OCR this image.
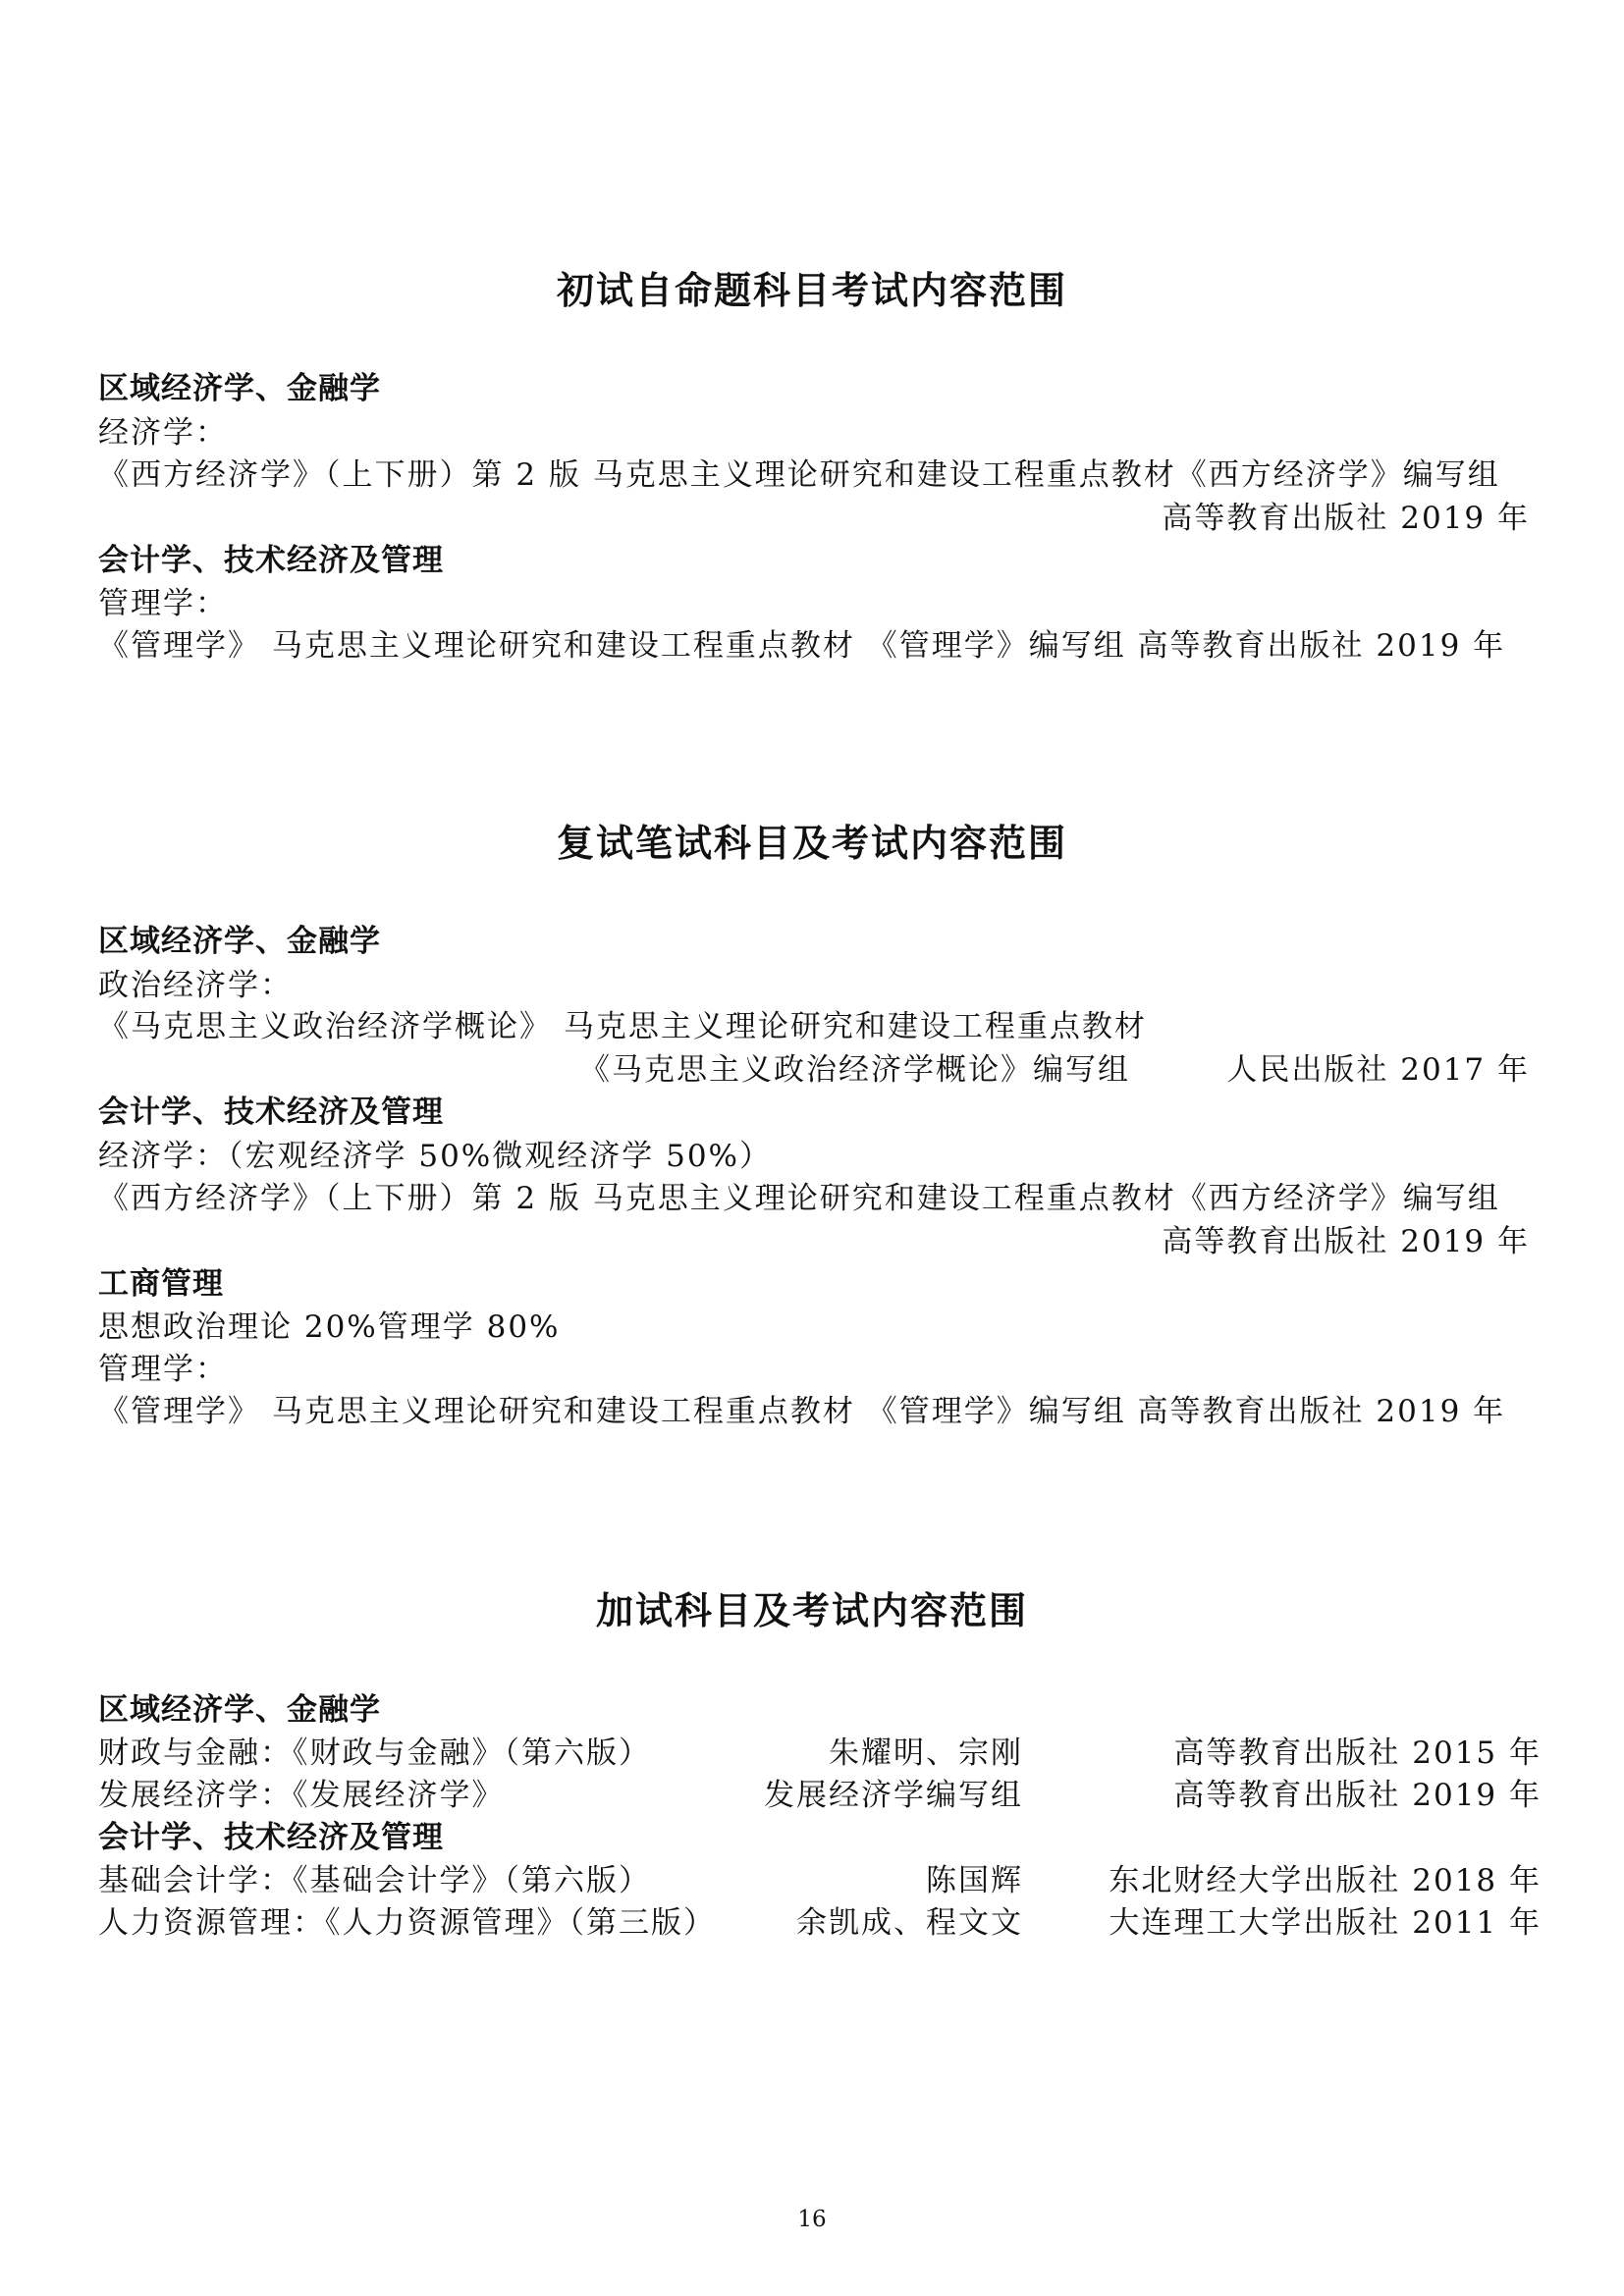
初试自命题科目考试内容范围
区域经济学、金融学
经济学：
《西方经济学》（上下册）第 2 版 马克思主义理论研究和建设工程重点教材《西方经济学》编写组
高等教育出版社 2019 年
会计学、技术经济及管理
管理学：
《管理学》 马克思主义理论研究和建设工程重点教材 《管理学》编写组 高等教育出版社 2019 年
复试笔试科目及考试内容范围
区域经济学、金融学
政治经济学：
《马克思主义政治经济学概论》 马克思主义理论研究和建设工程重点教材
《马克思主义政治经济学概论》编写组	人民出版社 2017 年
会计学、技术经济及管理
经济学：（宏观经济学 50%微观经济学 50%）
《西方经济学》（上下册）第 2 版 马克思主义理论研究和建设工程重点教材《西方经济学》编写组
高等教育出版社 2019 年
工商管理
思想政治理论 20%管理学 80%
管理学：
《管理学》 马克思主义理论研究和建设工程重点教材 《管理学》编写组 高等教育出版社 2019 年
加试科目及考试内容范围
区域经济学、金融学
财政与金融：《财政与金融》（第六版）	朱耀明、宗刚	高等教育出版社 2015 年
发展经济学：《发展经济学》	发展经济学编写组	高等教育出版社 2019 年
会计学、技术经济及管理
基础会计学：《基础会计学》（第六版）	陈国辉	东北财经大学出版社 2018 年
人力资源管理：《人力资源管理》（第三版）	余凯成、程文文	大连理工大学出版社 2011 年
16
